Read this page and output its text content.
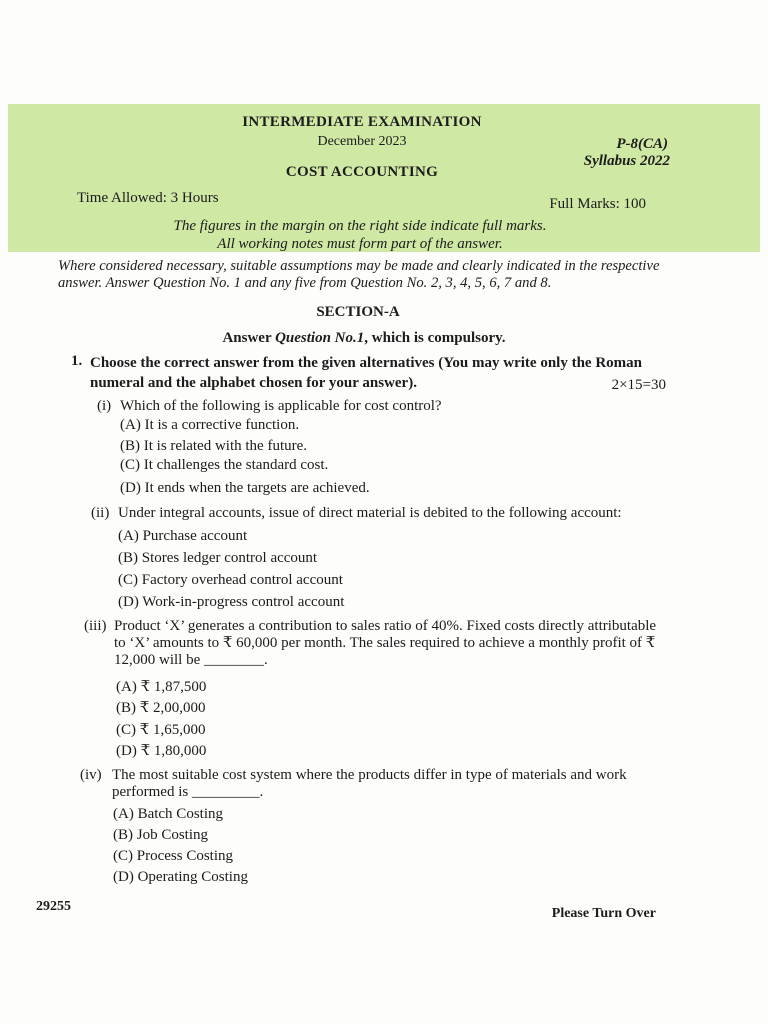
INTERMEDIATE EXAMINATION
December 2023	P-8(CA)
Syllabus 2022
COST ACCOUNTING
Time Allowed: 3 Hours	Full Marks: 100
The figures in the margin on the right side indicate full marks.
All working notes must form part of the answer.
Where considered necessary, suitable assumptions may be made and clearly indicated in the respective answer. Answer Question No. 1 and any five from Question No. 2, 3, 4, 5, 6, 7 and 8.
SECTION-A
Answer Question No.1, which is compulsory.
1. Choose the correct answer from the given alternatives (You may write only the Roman numeral and the alphabet chosen for your answer).	2×15=30
(i) Which of the following is applicable for cost control?
(A) It is a corrective function.
(B) It is related with the future.
(C) It challenges the standard cost.
(D) It ends when the targets are achieved.
(ii) Under integral accounts, issue of direct material is debited to the following account:
(A) Purchase account
(B) Stores ledger control account
(C) Factory overhead control account
(D) Work-in-progress control account
(iii) Product ‘X’ generates a contribution to sales ratio of 40%. Fixed costs directly attributable to ‘X’ amounts to ₹ 60,000 per month. The sales required to achieve a monthly profit of ₹ 12,000 will be ________.
(A) ₹ 1,87,500
(B) ₹ 2,00,000
(C) ₹ 1,65,000
(D) ₹ 1,80,000
(iv) The most suitable cost system where the products differ in type of materials and work performed is _________.
(A) Batch Costing
(B) Job Costing
(C) Process Costing
(D) Operating Costing
29255	Please Turn Over
